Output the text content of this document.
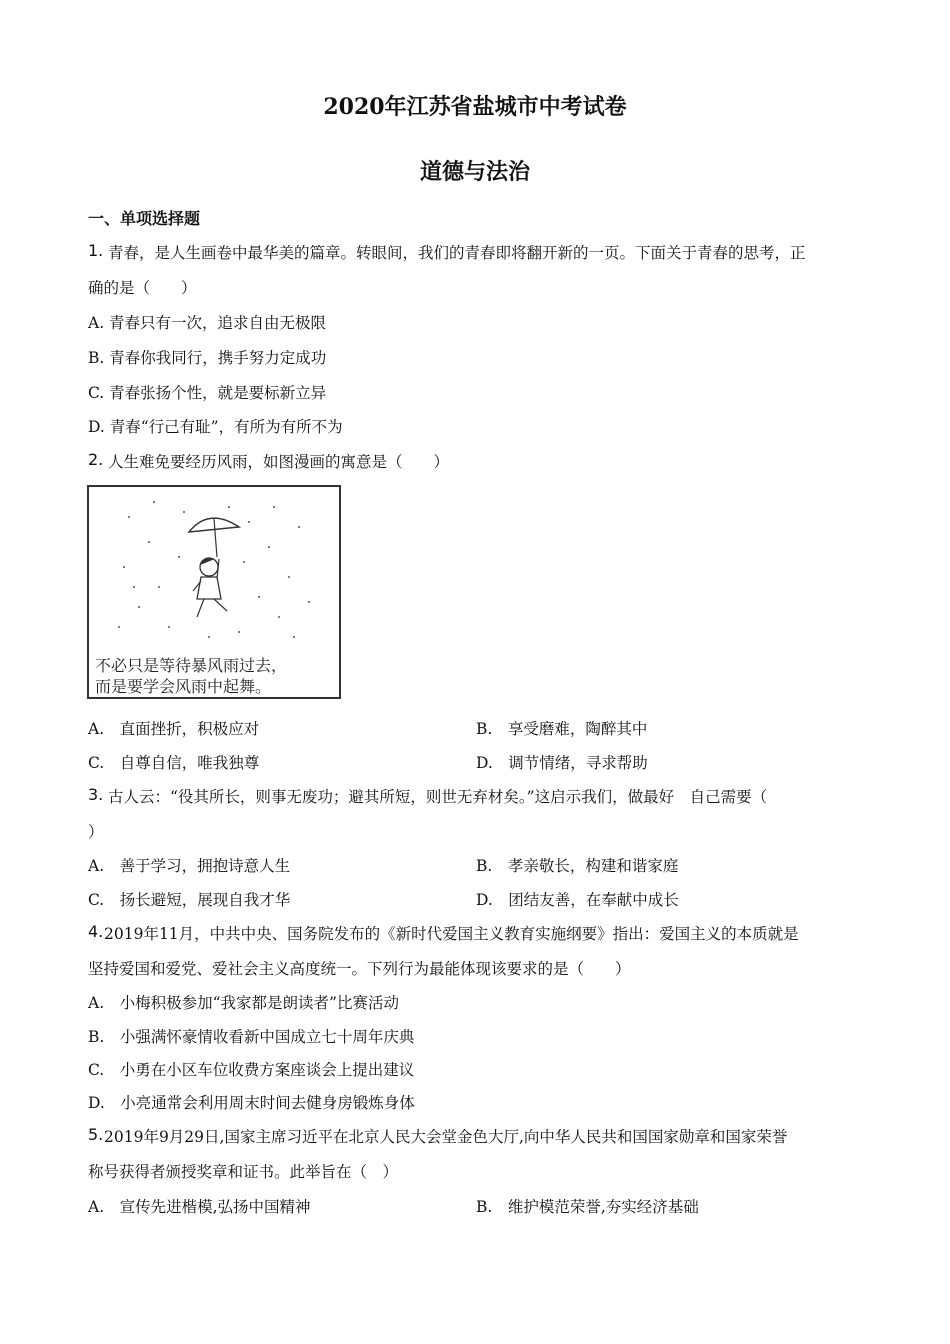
2020年江苏省盐城市中考试卷
道德与法治
一、单项选择题
1. 青春，是人生画卷中最华美的篇章。转眼间，我们的青春即将翻开新的一页。下面关于青春的思考，正
确的是（　　）
A. 青春只有一次，追求自由无极限
B. 青春你我同行，携手努力定成功
C. 青春张扬个性，就是要标新立异
D. 青春“行己有耻”，有所为有所不为
2. 人生难免要经历风雨，如图漫画的寓意是（　　）
不必只是等待暴风雨过去，
而是要学会风雨中起舞。
A.　直面挫折，积极应对	B.　享受磨难，陶醉其中
C.　自尊自信，唯我独尊	D.　调节情绪，寻求帮助
3. 古人云：“役其所长，则事无废功；避其所短，则世无弃材矣。”这启示我们，做最好　自己需要（
）
A.　善于学习，拥抱诗意人生	B.　孝亲敬长，构建和谐家庭
C.　扬长避短，展现自我才华	D.　团结友善，在奉献中成长
4. 2019年11月，中共中央、国务院发布的《新时代爱国主义教育实施纲要》指出：爱国主义的本质就是
坚持爱国和爱党、爱社会主义高度统一。下列行为最能体现该要求的是（　　）
A.　小梅积极参加“我家都是朗读者”比赛活动
B.　小强满怀豪情收看新中国成立七十周年庆典
C.　小勇在小区车位收费方案座谈会上提出建议
D.　小亮通常会利用周末时间去健身房锻炼身体
5. 2019年9月29日,国家主席习近平在北京人民大会堂金色大厅,向中华人民共和国国家勋章和国家荣誉
称号获得者颁授奖章和证书。此举旨在（　）
A.　宣传先进楷模,弘扬中国精神	B.　维护模范荣誉,夯实经济基础
